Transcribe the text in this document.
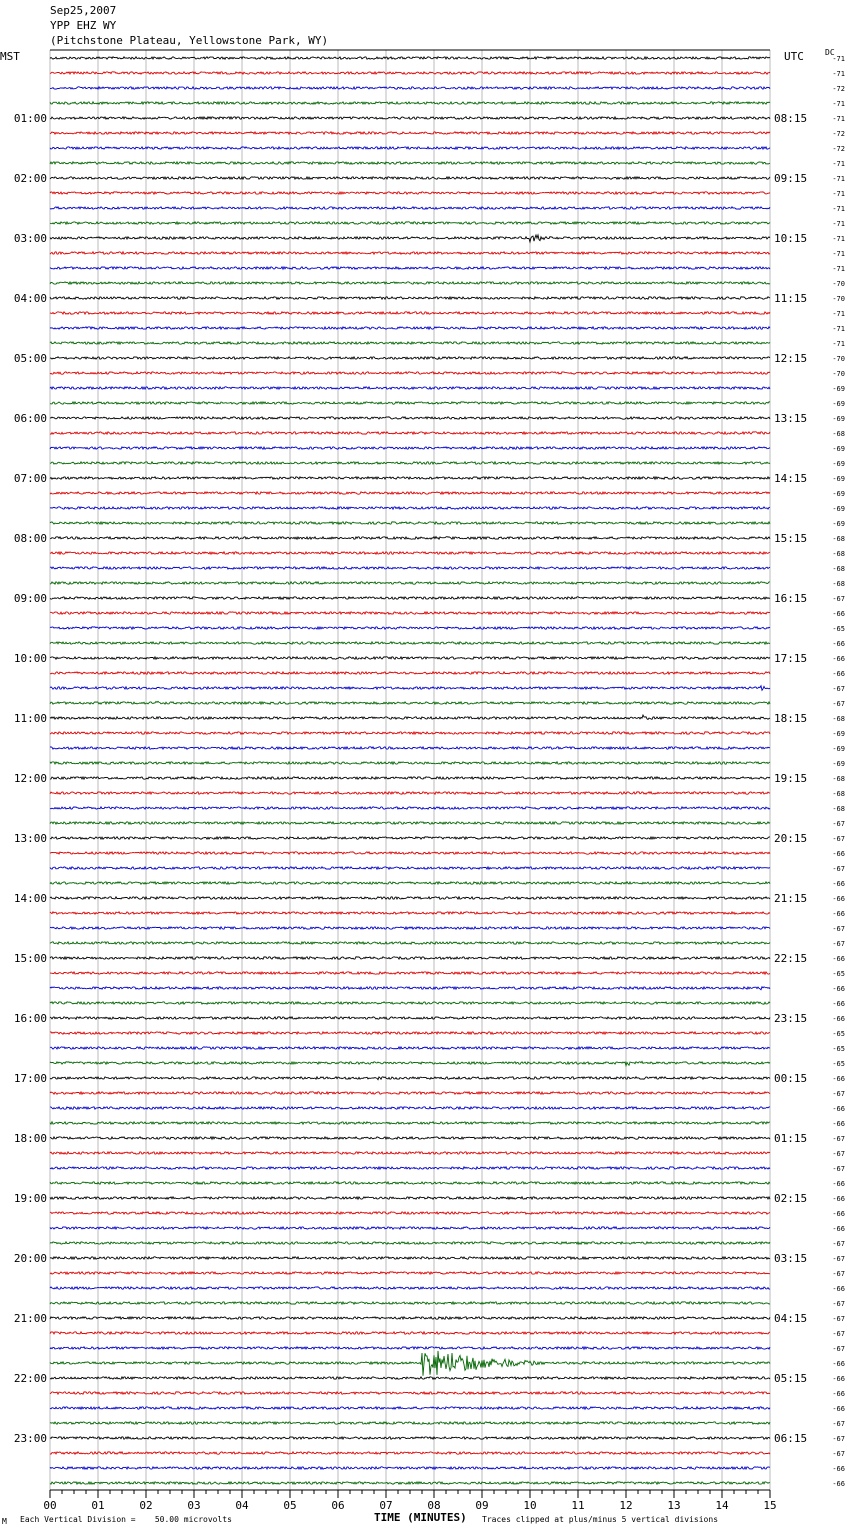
Sep25,2007
YPP EHZ WY
(Pitchstone Plateau, Yellowstone Park, WY)
MST	UTC	DC
01:00	08:15
02:00	09:15
03:00	10:15
04:00	11:15
05:00	12:15
06:00	13:15
07:00	14:15
08:00	15:15
09:00	16:15
10:00	17:15
11:00	18:15
12:00	19:15
13:00	20:15
14:00	21:15
15:00	22:15
16:00	23:15
17:00	00:15
18:00	01:15
19:00	02:15
20:00	03:15
21:00	04:15
22:00	05:15
23:00	06:15
-71
-71
-72
-71
-71
-72
-72
-71
-71
-71
-71
-71
-71
-71
-71
-70
-70
-71
-71
-71
-70
-70
-69
-69
-69
-68
-69
-69
-69
-69
-69
-69
-68
-68
-68
-68
-67
-66
-65
-66
-66
-66
-67
-67
-68
-69
-69
-69
-68
-68
-68
-67
-67
-66
-67
-66
-66
-66
-67
-67
-66
-65
-66
-66
-66
-65
-65
-65
-66
-67
-66
-66
-67
-67
-67
-66
-66
-66
-66
-67
-67
-67
-66
-67
-67
-67
-67
-66
-66
-66
-66
-67
-67
-67
-66
-66
00	01	02	03	04	05	06	07	08	09	10	11	12	13	14	15
TIME (MINUTES)
M Each Vertical Division =    50.00 microvolts	Traces clipped at plus/minus 5 vertical divisions
